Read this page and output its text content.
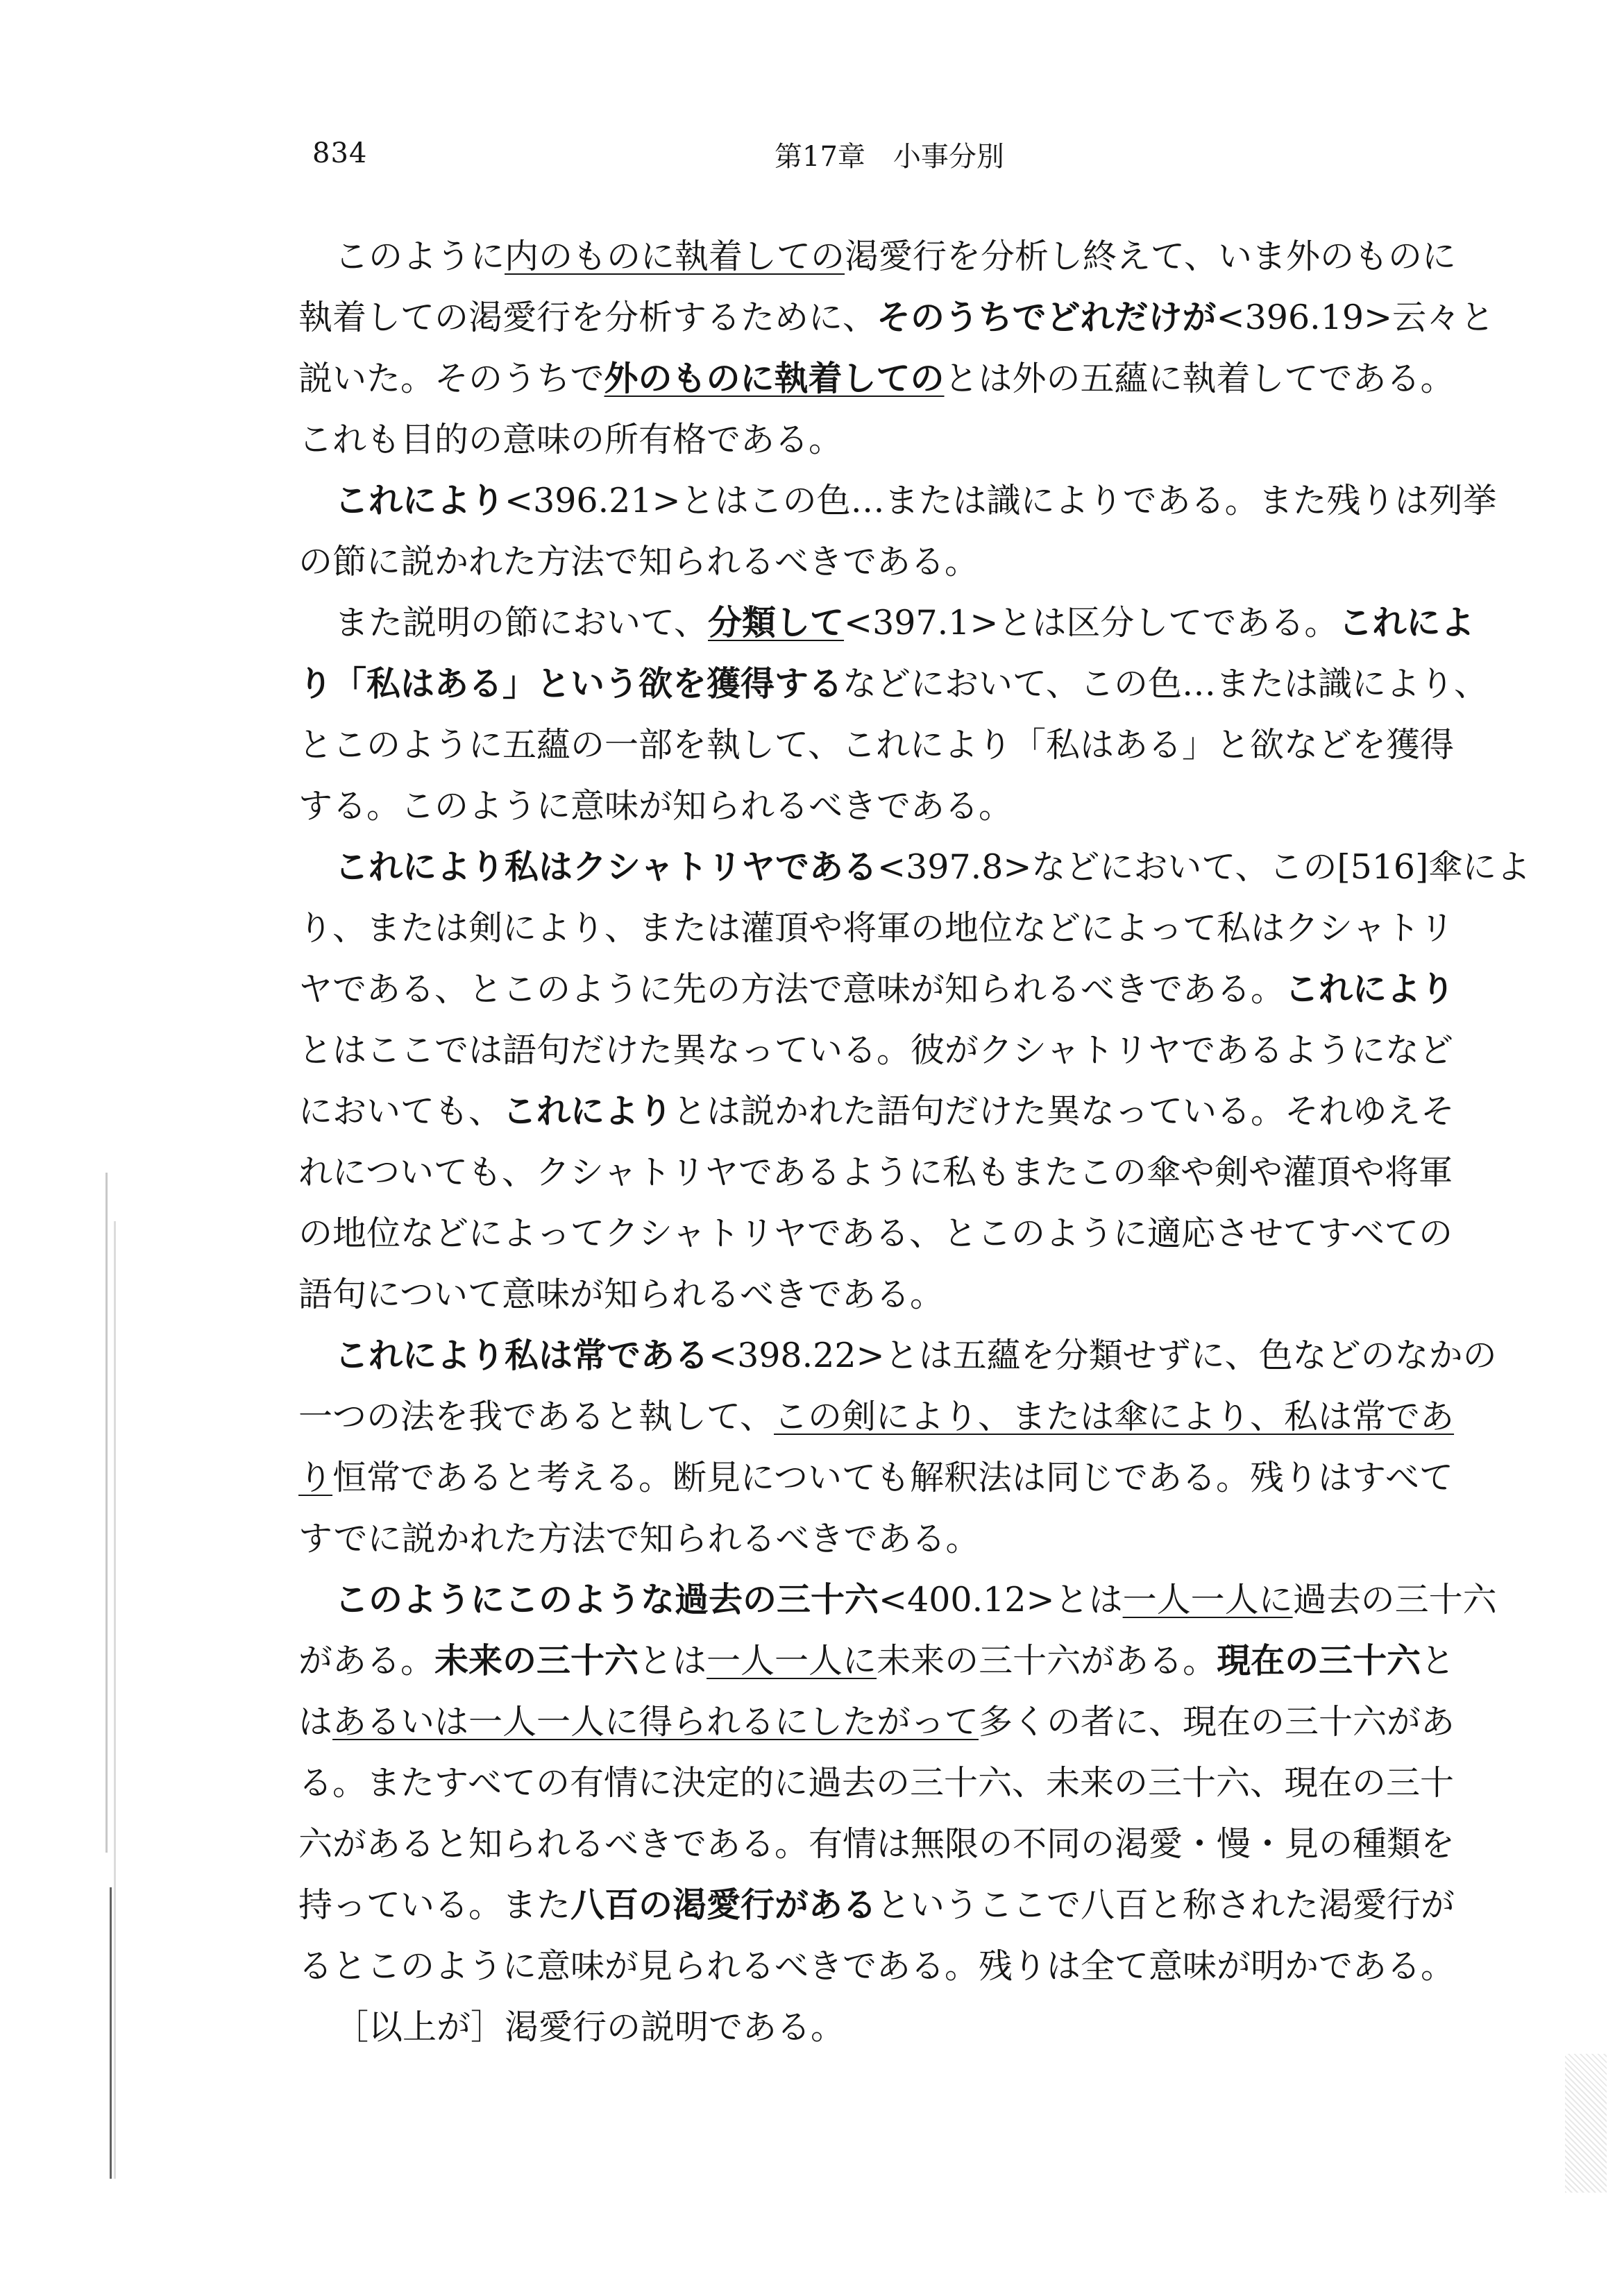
834	第17章　小事分別
このように内のものに執着しての渇愛行を分析し終えて、いま外のものに
執着しての渇愛行を分析するために、そのうちでどれだけが<396.19>云々と
説いた。そのうちで外のものに執着してのとは外の五蘊に執着してである。
これも目的の意味の所有格である。
これにより<396.21>とはこの色…または識によりである。また残りは列挙
の節に説かれた方法で知られるべきである。
また説明の節において、分類して<397.1>とは区分してである。これによ
り「私はある」という欲を獲得するなどにおいて、この色…または識により、
とこのように五蘊の一部を執して、これにより「私はある」と欲などを獲得
する。このように意味が知られるべきである。
これにより私はクシャトリヤである<397.8>などにおいて、この[516]傘によ
り、または剣により、または灌頂や将軍の地位などによって私はクシャトリ
ヤである、とこのように先の方法で意味が知られるべきである。これにより
とはここでは語句だけた異なっている。彼がクシャトリヤであるようになど
においても、これによりとは説かれた語句だけた異なっている。それゆえそ
れについても、クシャトリヤであるように私もまたこの傘や剣や灌頂や将軍
の地位などによってクシャトリヤである、とこのように適応させてすべての
語句について意味が知られるべきである。
これにより私は常である<398.22>とは五蘊を分類せずに、色などのなかの
一つの法を我であると執して、この剣により、または傘により、私は常であ
り恒常であると考える。断見についても解釈法は同じである。残りはすべて
すでに説かれた方法で知られるべきである。
このようにこのような過去の三十六<400.12>とは一人一人に過去の三十六
がある。未来の三十六とは一人一人に未来の三十六がある。現在の三十六と
はあるいは一人一人に得られるにしたがって多くの者に、現在の三十六があ
る。またすべての有情に決定的に過去の三十六、未来の三十六、現在の三十
六があると知られるべきである。有情は無限の不同の渇愛・慢・見の種類を
持っている。また八百の渇愛行があるというここで八百と称された渇愛行が
るとこのように意味が見られるべきである。残りは全て意味が明かである。
［以上が］渇愛行の説明である。
